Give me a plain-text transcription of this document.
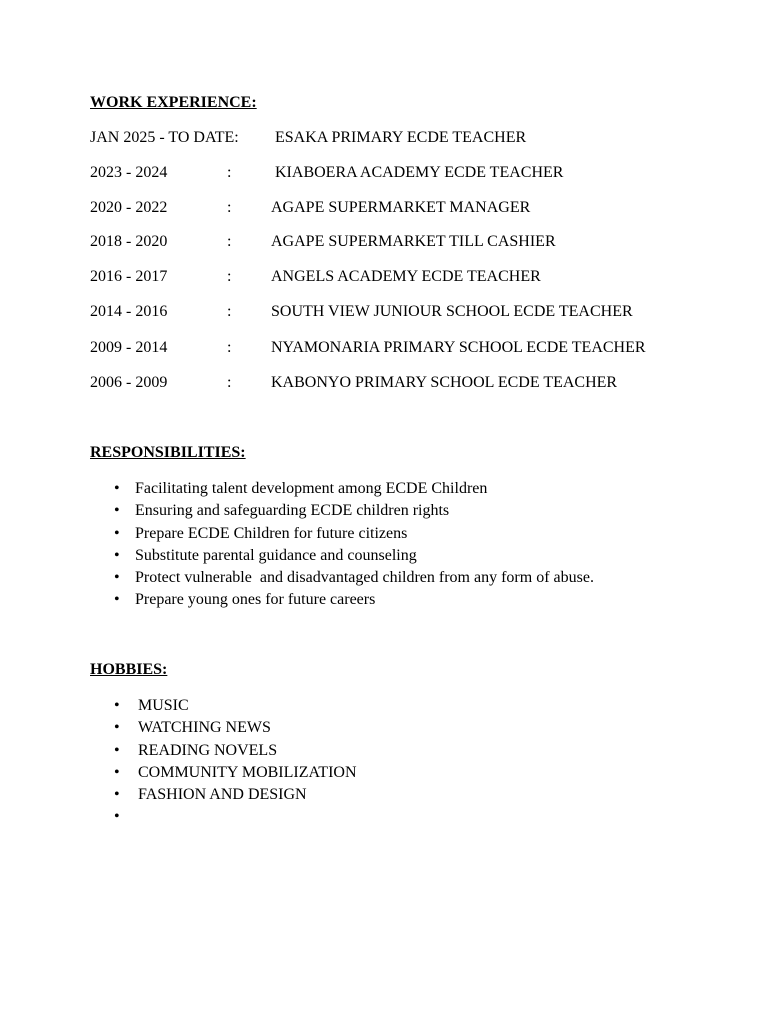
WORK EXPERIENCE:
JAN 2025 - TO DATE: ESAKA PRIMARY ECDE TEACHER
2023 - 2024	:	KIABOERA ACADEMY ECDE TEACHER
2020 - 2022	: AGAPE SUPERMARKET MANAGER
2018 - 2020	: AGAPE SUPERMARKET TILL CASHIER
2016 - 2017	: ANGELS ACADEMY ECDE TEACHER
2014 - 2016	: SOUTH VIEW JUNIOUR SCHOOL ECDE TEACHER
2009 - 2014	: NYAMONARIA PRIMARY SCHOOL ECDE TEACHER
2006 - 2009	: KABONYO PRIMARY SCHOOL ECDE TEACHER
RESPONSIBILITIES:
• Facilitating talent development among ECDE Children
• Ensuring and safeguarding ECDE children rights
• Prepare ECDE Children for future citizens
• Substitute parental guidance and counseling
• Protect vulnerable  and disadvantaged children from any form of abuse.
• Prepare young ones for future careers
HOBBIES:
• MUSIC
• WATCHING NEWS
• READING NOVELS
• COMMUNITY MOBILIZATION
• FASHION AND DESIGN
•
